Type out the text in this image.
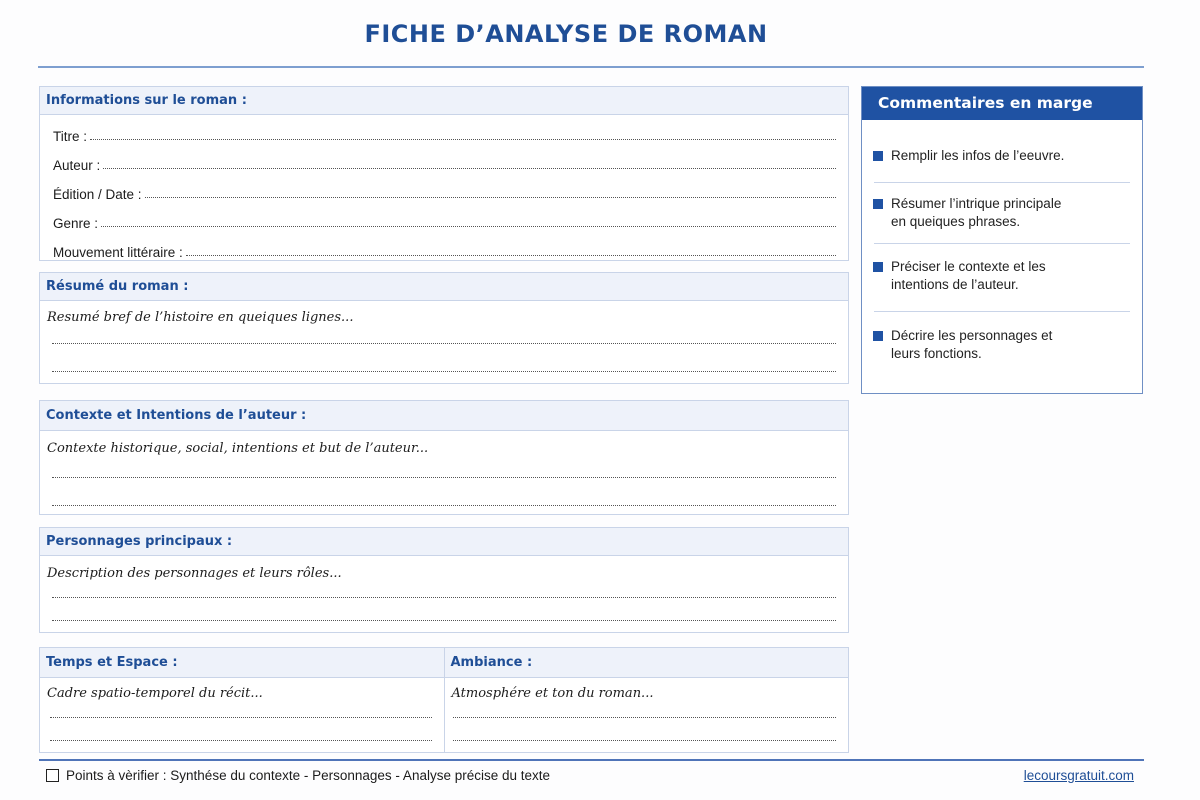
FICHE D’ANALYSE DE ROMAN
Informations sur le roman :
Titre :
Auteur :
Édition / Date :
Genre :
Mouvement littéraire :
Résumé du roman :
Resumé bref de l’histoire en queiques lignes...
Contexte et Intentions de l’auteur :
Contexte historique, social, intentions et but de l’auteur...
Personnages principaux :
Description des personnages et leurs rôles...
Temps et Espace :
Cadre spatio-temporel du récit...
Ambiance :
Atmosphére et ton du roman...
Commentaires en marge
Remplir les infos de l’eeuvre.
Résumer l’intrique principale
en queiques phrases.
Préciser le contexte et les
intentions de l’auteur.
Décrire les personnages et
leurs fonctions.
Points à vèrifier : Synthése du contexte - Personnages - Analyse précise du texte	lecoursgratuit.com
